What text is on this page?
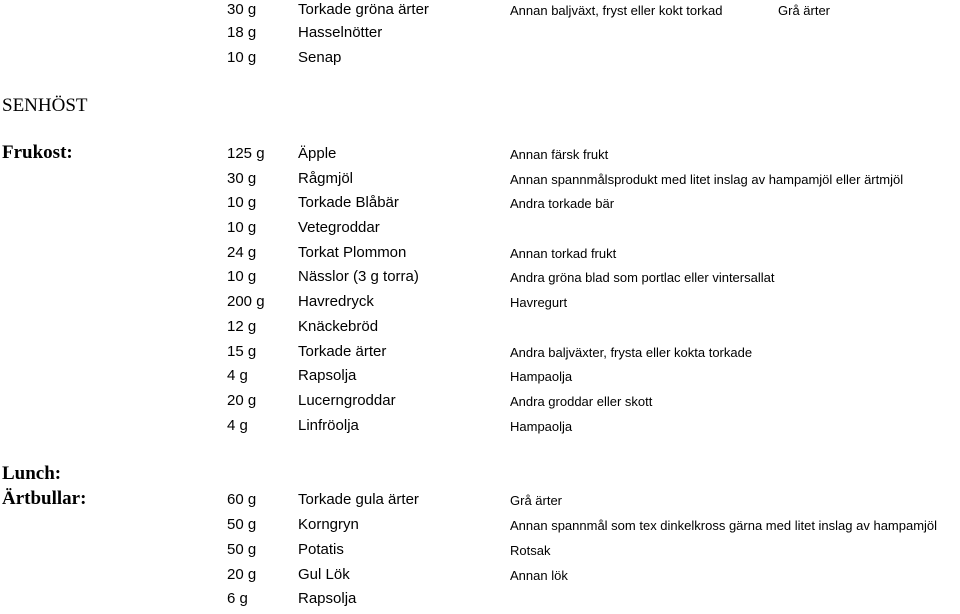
30 g	Torkade gröna ärter	Annan baljväxt, fryst eller kokt torkad	Grå ärter
18 g	Hasselnötter
10 g	Senap
SENHÖST
Frukost:	125 g Äpple	Annan färsk frukt
30 g	Rågmjöl	Annan spannmålsprodukt med litet inslag av hampamjöl eller ärtmjöl
10 g	Torkade Blåbär	Andra torkade bär
10 g	Vetegroddar
24 g	Torkat Plommon	Annan torkad frukt
10 g	Nässlor (3 g torra)	Andra gröna blad som portlac eller vintersallat
200 g Havredryck	Havregurt
12 g	Knäckebröd
15 g	Torkade ärter	Andra baljväxter, frysta eller kokta torkade
4 g	Rapsolja	Hampaolja
20 g	Lucerngroddar	Andra groddar eller skott
4 g	Linfröolja	Hampaolja
Lunch:
Ärtbullar:	60 g	Torkade gula ärter	Grå ärter
50 g	Korngryn	Annan spannmål som tex dinkelkross gärna med litet inslag av hampamjöl
50 g	Potatis	Rotsak
20 g	Gul Lök	Annan lök
6 g	Rapsolja
